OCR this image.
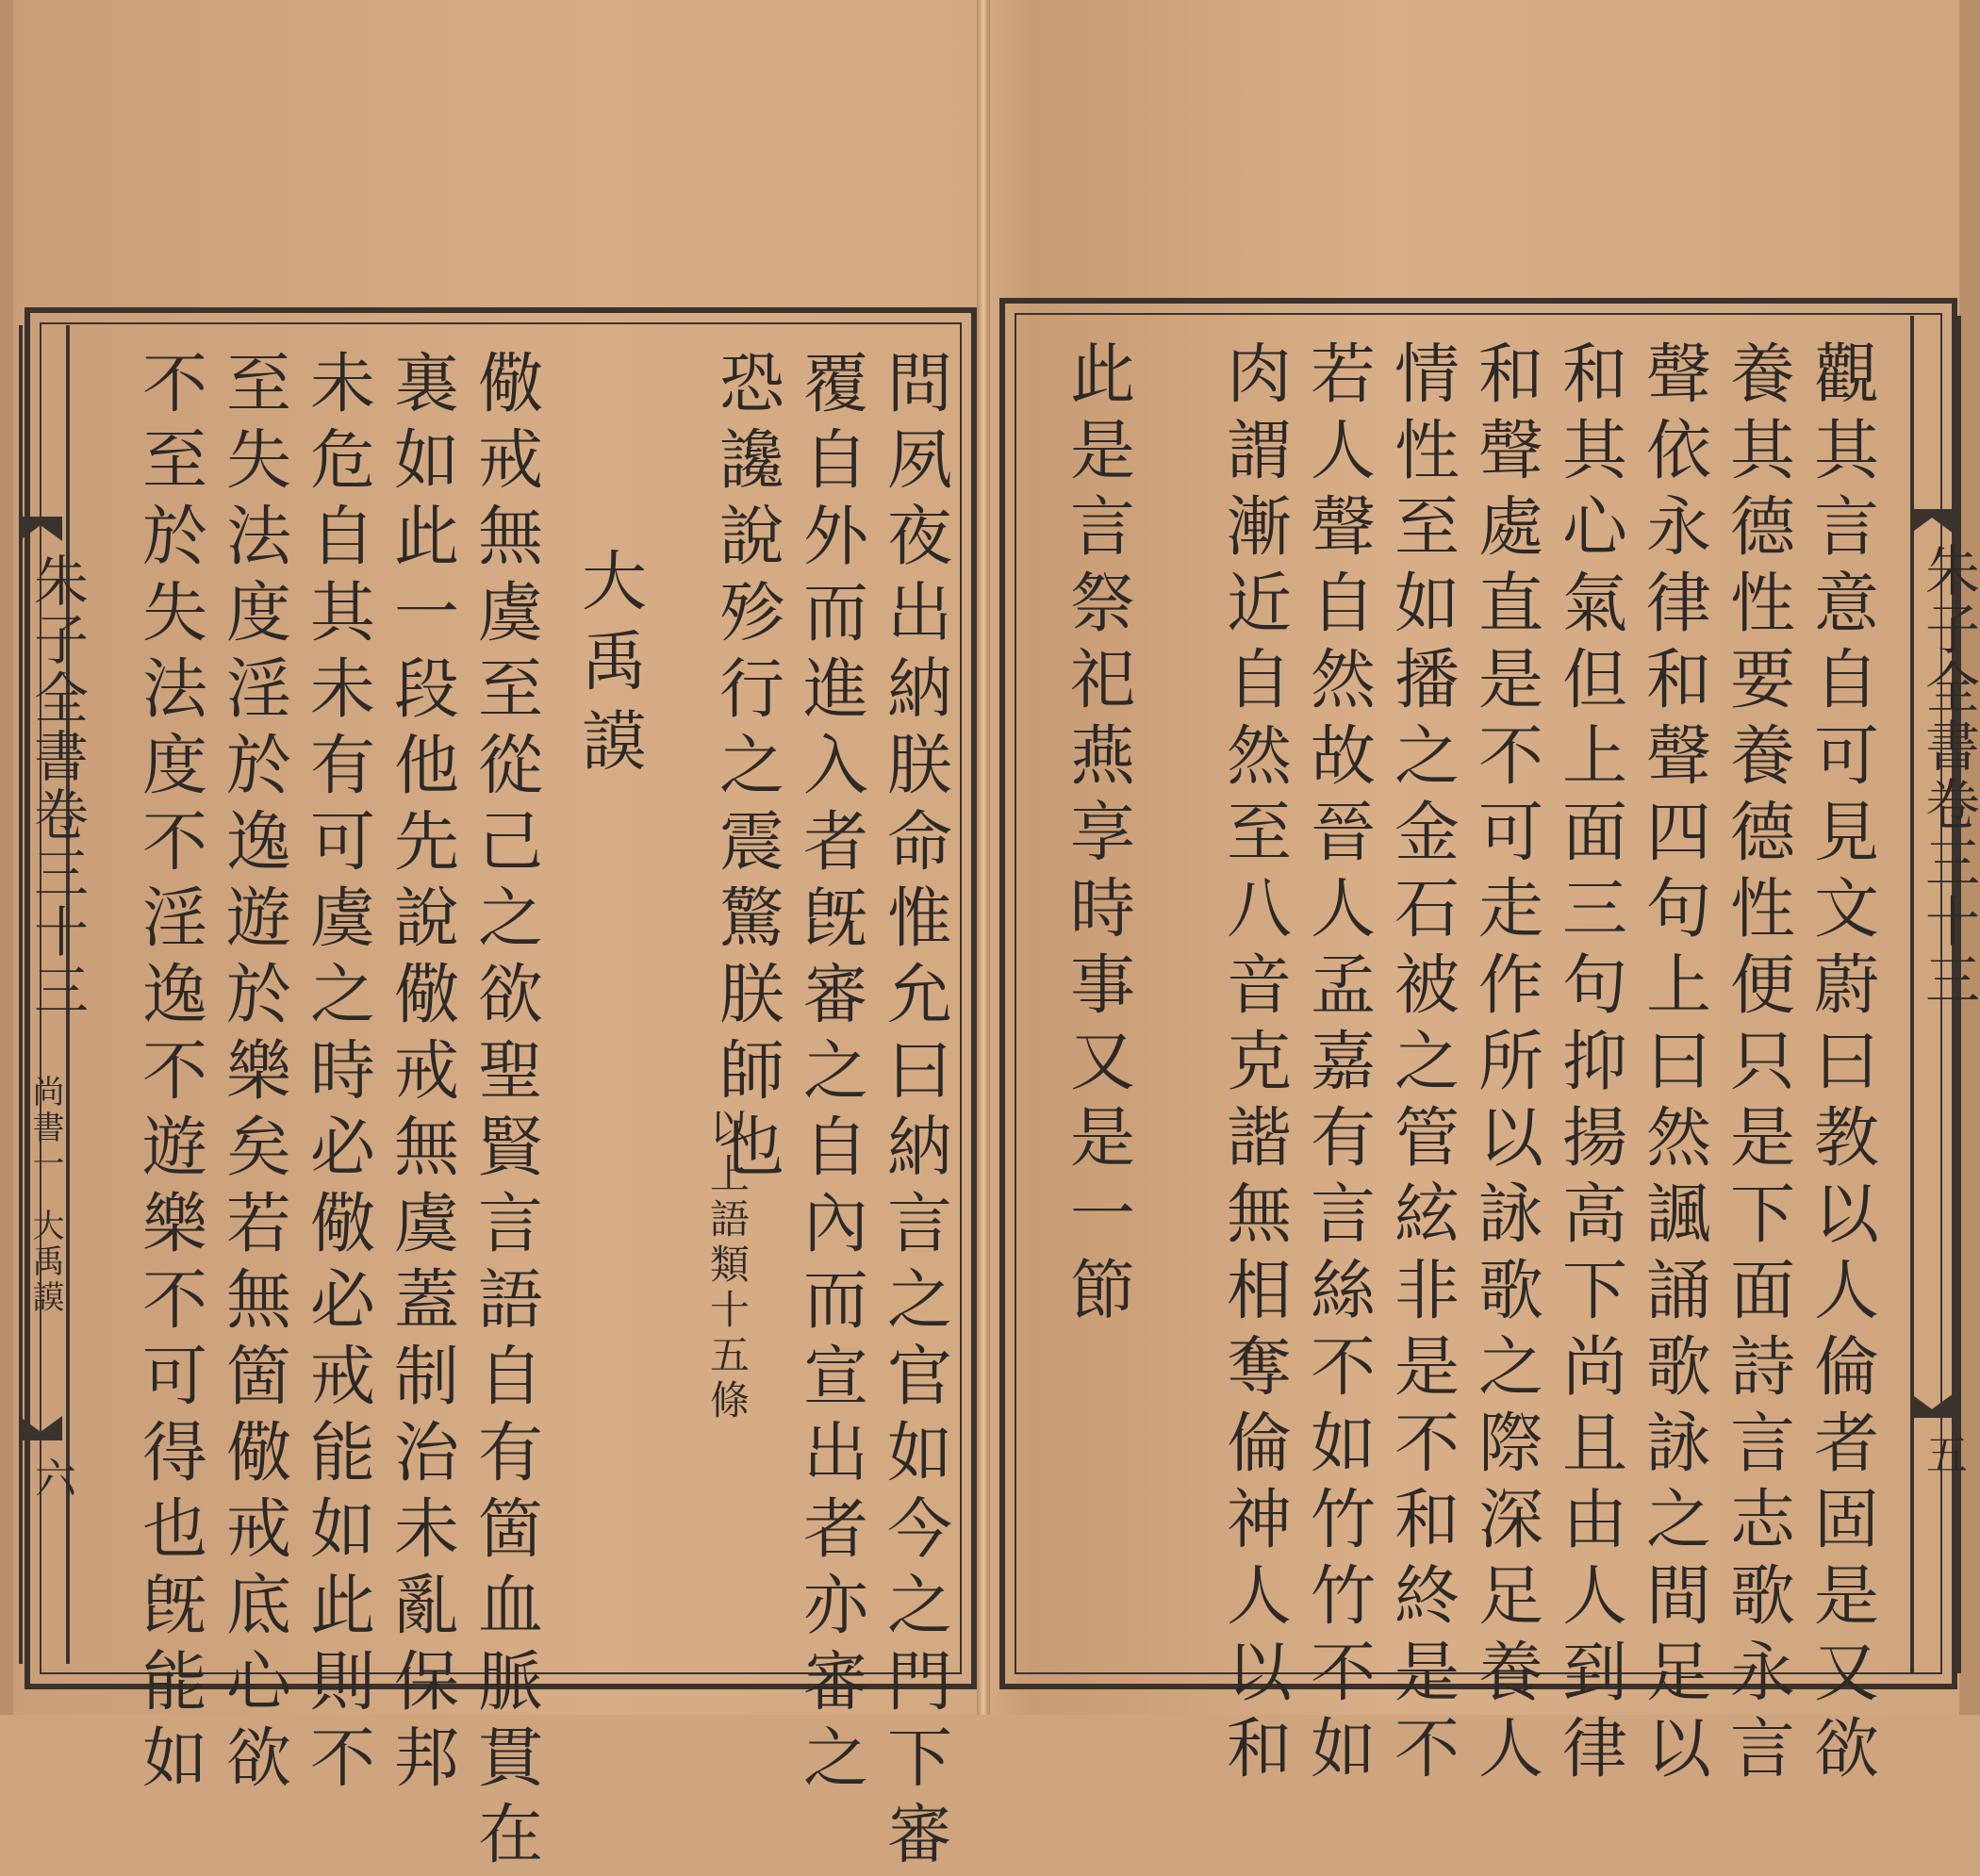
朱子全書卷三十三
尚書一
大禹謨
六	問夙夜出納朕命惟允曰納言之官如今之門下審
覆自外而進入者旣審之自內而宣出者亦審之
恐讒說殄行之震驚朕師也
以上語類十五條
大禹謨
儆戒無虞至從己之欲聖賢言語自有箇血脈貫在
裏如此一段他先說儆戒無虞蓋制治未亂保邦
未危自其未有可虞之時必儆必戒能如此則不
至失法度淫於逸遊於樂矣若無箇儆戒底心欲
不至於失法度不淫逸不遊樂不可得也旣能如	朱子全書卷三十三
五
觀其言意自可見文蔚曰教以人倫者固是又欲
養其德性要養德性便只是下面詩言志歌永言
聲依永律和聲四句上曰然諷誦歌詠之間足以
和其心氣但上面三句抑揚高下尚且由人到律
和聲處直是不可走作所以詠歌之際深足養人
情性至如播之金石被之管絃非是不和終是不
若人聲自然故晉人孟嘉有言絲不如竹竹不如
肉謂漸近自然至八音克諧無相奪倫神人以和
此是言祭祀燕享時事又是一節
